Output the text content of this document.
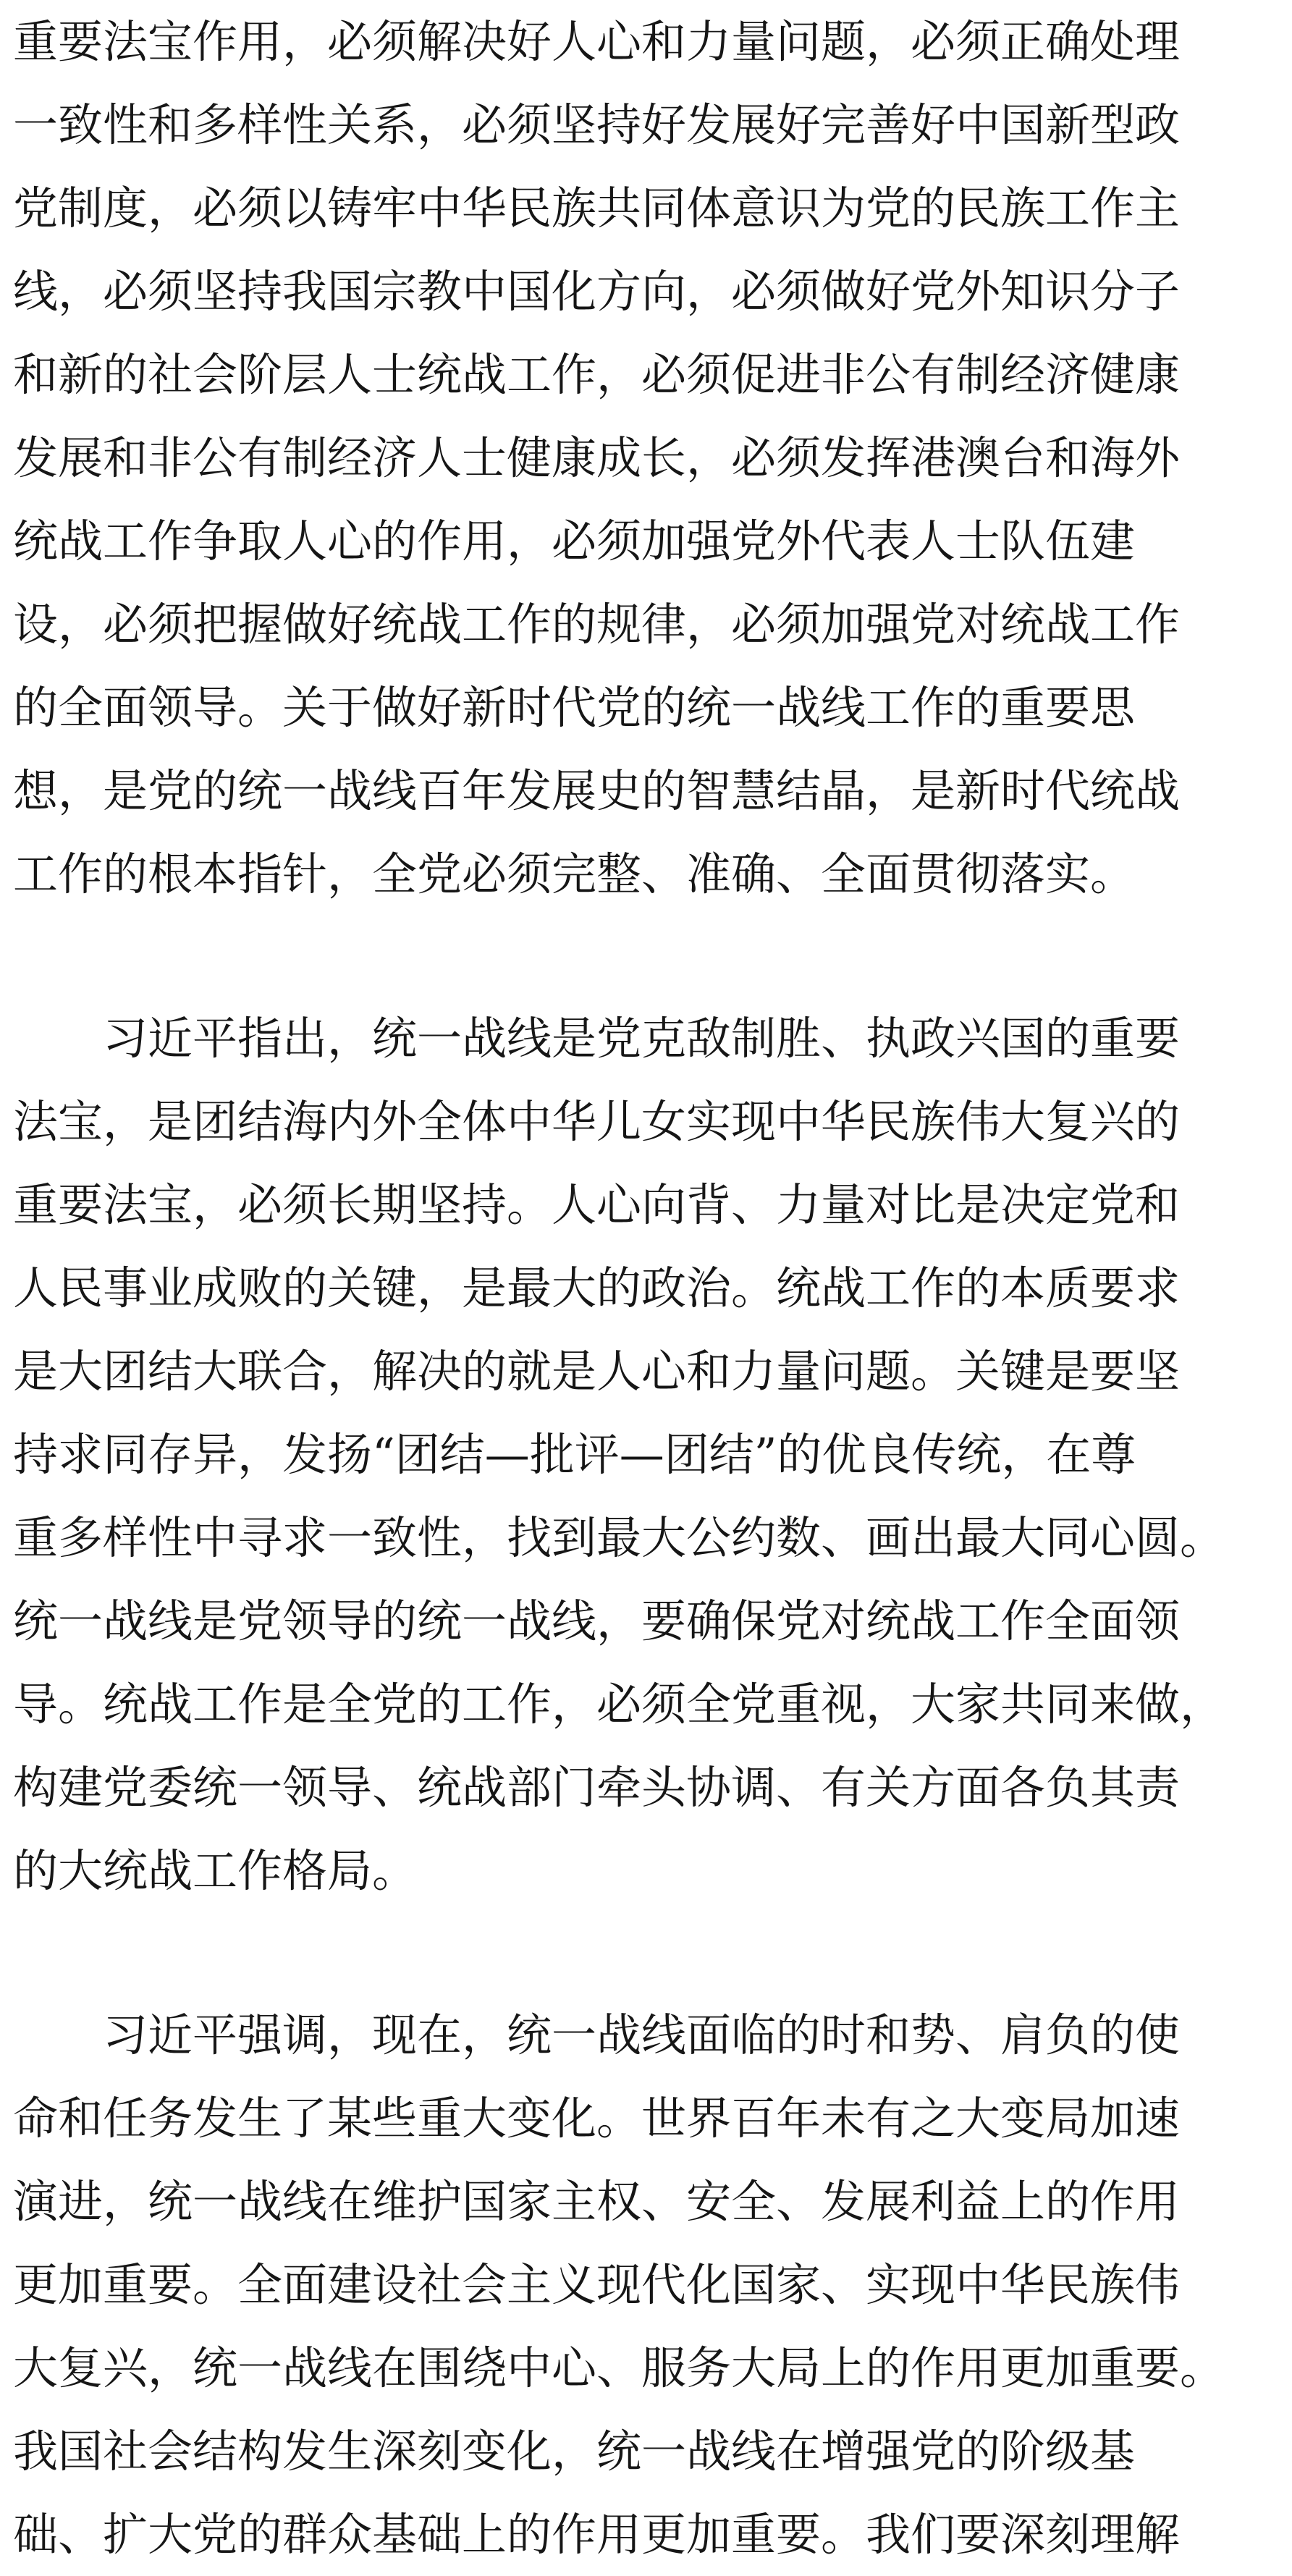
重要法宝作用，必须解决好人心和力量问题，必须正确处理
一致性和多样性关系，必须坚持好发展好完善好中国新型政
党制度，必须以铸牢中华民族共同体意识为党的民族工作主
线，必须坚持我国宗教中国化方向，必须做好党外知识分子
和新的社会阶层人士统战工作，必须促进非公有制经济健康
发展和非公有制经济人士健康成长，必须发挥港澳台和海外
统战工作争取人心的作用，必须加强党外代表人士队伍建
设，必须把握做好统战工作的规律，必须加强党对统战工作
的全面领导。关于做好新时代党的统一战线工作的重要思
想，是党的统一战线百年发展史的智慧结晶，是新时代统战
工作的根本指针，全党必须完整、准确、全面贯彻落实。
习近平指出，统一战线是党克敌制胜、执政兴国的重要
法宝，是团结海内外全体中华儿女实现中华民族伟大复兴的
重要法宝，必须长期坚持。人心向背、力量对比是决定党和
人民事业成败的关键，是最大的政治。统战工作的本质要求
是大团结大联合，解决的就是人心和力量问题。关键是要坚
持求同存异，发扬“团结—批评—团结”的优良传统，在尊
重多样性中寻求一致性，找到最大公约数、画出最大同心圆。
统一战线是党领导的统一战线，要确保党对统战工作全面领
导。统战工作是全党的工作，必须全党重视，大家共同来做，
构建党委统一领导、统战部门牵头协调、有关方面各负其责
的大统战工作格局。
习近平强调，现在，统一战线面临的时和势、肩负的使
命和任务发生了某些重大变化。世界百年未有之大变局加速
演进，统一战线在维护国家主权、安全、发展利益上的作用
更加重要。全面建设社会主义现代化国家、实现中华民族伟
大复兴，统一战线在围绕中心、服务大局上的作用更加重要。
我国社会结构发生深刻变化，统一战线在增强党的阶级基
础、扩大党的群众基础上的作用更加重要。我们要深刻理解
